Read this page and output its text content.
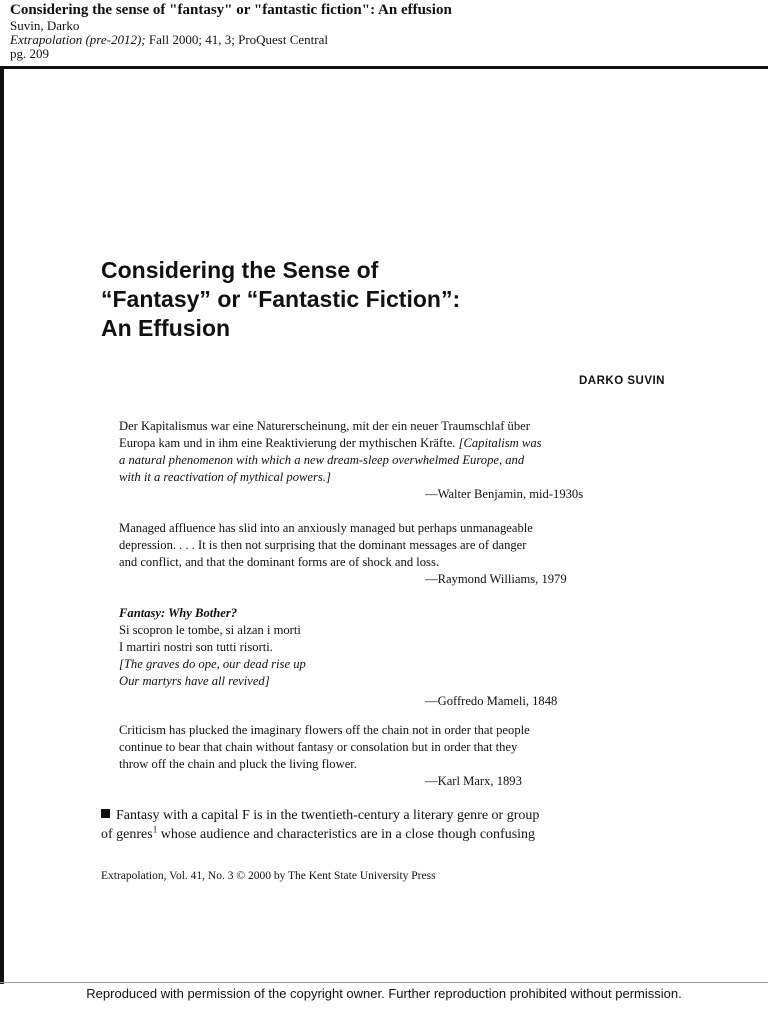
Considering the sense of "fantasy" or "fantastic fiction": An effusion
Suvin, Darko
Extrapolation (pre-2012); Fall 2000; 41, 3; ProQuest Central
pg. 209
Considering the Sense of
“Fantasy” or “Fantastic Fiction”:
An Effusion
DARKO SUVIN
Der Kapitalismus war eine Naturerscheinung, mit der ein neuer Traumschlaf über
Europa kam und in ihm eine Reaktivierung der mythischen Kräfte. [Capitalism was
a natural phenomenon with which a new dream-sleep overwhelmed Europe, and
with it a reactivation of mythical powers.]
—Walter Benjamin, mid-1930s
Managed affluence has slid into an anxiously managed but perhaps unmanageable
depression. . . . It is then not surprising that the dominant messages are of danger
and conflict, and that the dominant forms are of shock and loss.
—Raymond Williams, 1979
Fantasy: Why Bother?
Si scopron le tombe, si alzan i morti
I martiri nostri son tutti risorti.
[The graves do ope, our dead rise up
Our martyrs have all revived]
—Goffredo Mameli, 1848
Criticism has plucked the imaginary flowers off the chain not in order that people
continue to bear that chain without fantasy or consolation but in order that they
throw off the chain and pluck the living flower.
—Karl Marx, 1893
Fantasy with a capital F is in the twentieth-century a literary genre or group
of genres$^1$ whose audience and characteristics are in a close though confusing
Extrapolation, Vol. 41, No. 3 © 2000 by The Kent State University Press
Reproduced with permission of the copyright owner. Further reproduction prohibited without permission.
